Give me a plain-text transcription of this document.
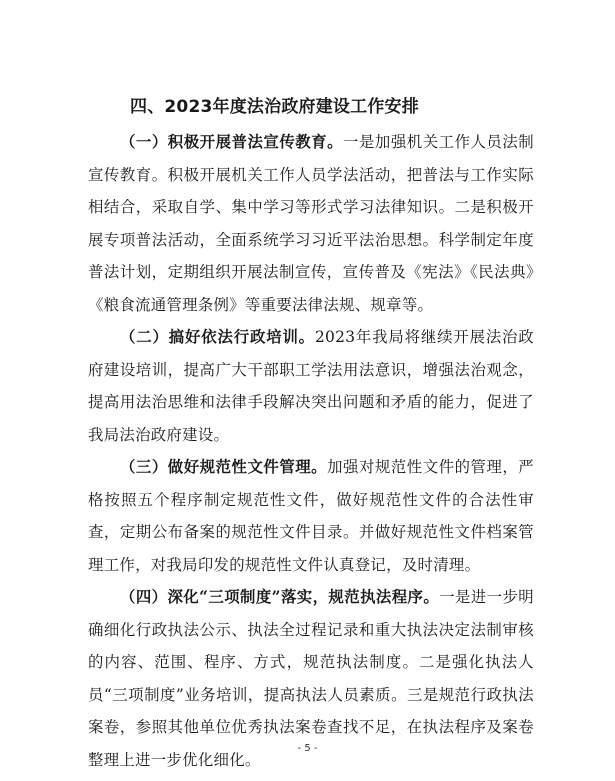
四、2023年度法治政府建设工作安排

（一）积极开展普法宣传教育。一是加强机关工作人员法制宣传教育。积极开展机关工作人员学法活动，把普法与工作实际相结合，采取自学、集中学习等形式学习法律知识。二是积极开展专项普法活动，全面系统学习习近平法治思想。科学制定年度普法计划，定期组织开展法制宣传，宣传普及《宪法》《民法典》《粮食流通管理条例》等重要法律法规、规章等。

（二）搞好依法行政培训。2023年我局将继续开展法治政府建设培训，提高广大干部职工学法用法意识，增强法治观念，提高用法治思维和法律手段解决突出问题和矛盾的能力，促进了我局法治政府建设。

（三）做好规范性文件管理。加强对规范性文件的管理，严格按照五个程序制定规范性文件，做好规范性文件的合法性审查，定期公布备案的规范性文件目录。并做好规范性文件档案管理工作，对我局印发的规范性文件认真登记，及时清理。

（四）深化“三项制度”落实，规范执法程序。一是进一步明确细化行政执法公示、执法全过程记录和重大执法决定法制审核的内容、范围、程序、方式，规范执法制度。二是强化执法人员“三项制度”业务培训，提高执法人员素质。三是规范行政执法案卷，参照其他单位优秀执法案卷查找不足，在执法程序及案卷整理上进一步优化细化。

- 5 -
